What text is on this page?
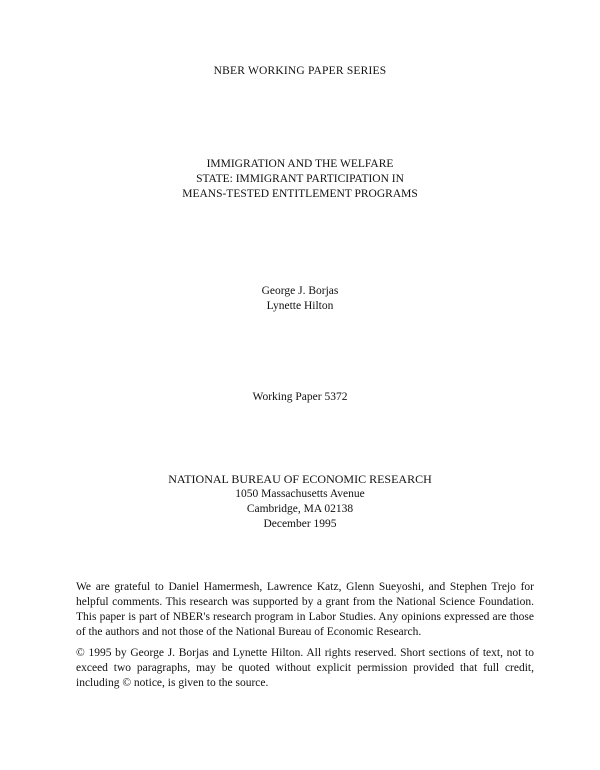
NBER WORKING PAPER SERIES
IMMIGRATION AND THE WELFARE
STATE: IMMIGRANT PARTICIPATION IN
MEANS-TESTED ENTITLEMENT PROGRAMS
George J. Borjas
Lynette Hilton
Working Paper 5372
NATIONAL BUREAU OF ECONOMIC RESEARCH
1050 Massachusetts Avenue
Cambridge, MA 02138
December 1995

We are grateful to Daniel Hamermesh, Lawrence Katz, Glenn Sueyoshi, and Stephen Trejo for helpful comments. This research was supported by a grant from the National Science Foundation. This paper is part of NBER's research program in Labor Studies. Any opinions expressed are those of the authors and not those of the National Bureau of Economic Research.

© 1995 by George J. Borjas and Lynette Hilton. All rights reserved. Short sections of text, not to exceed two paragraphs, may be quoted without explicit permission provided that full credit, including © notice, is given to the source.
